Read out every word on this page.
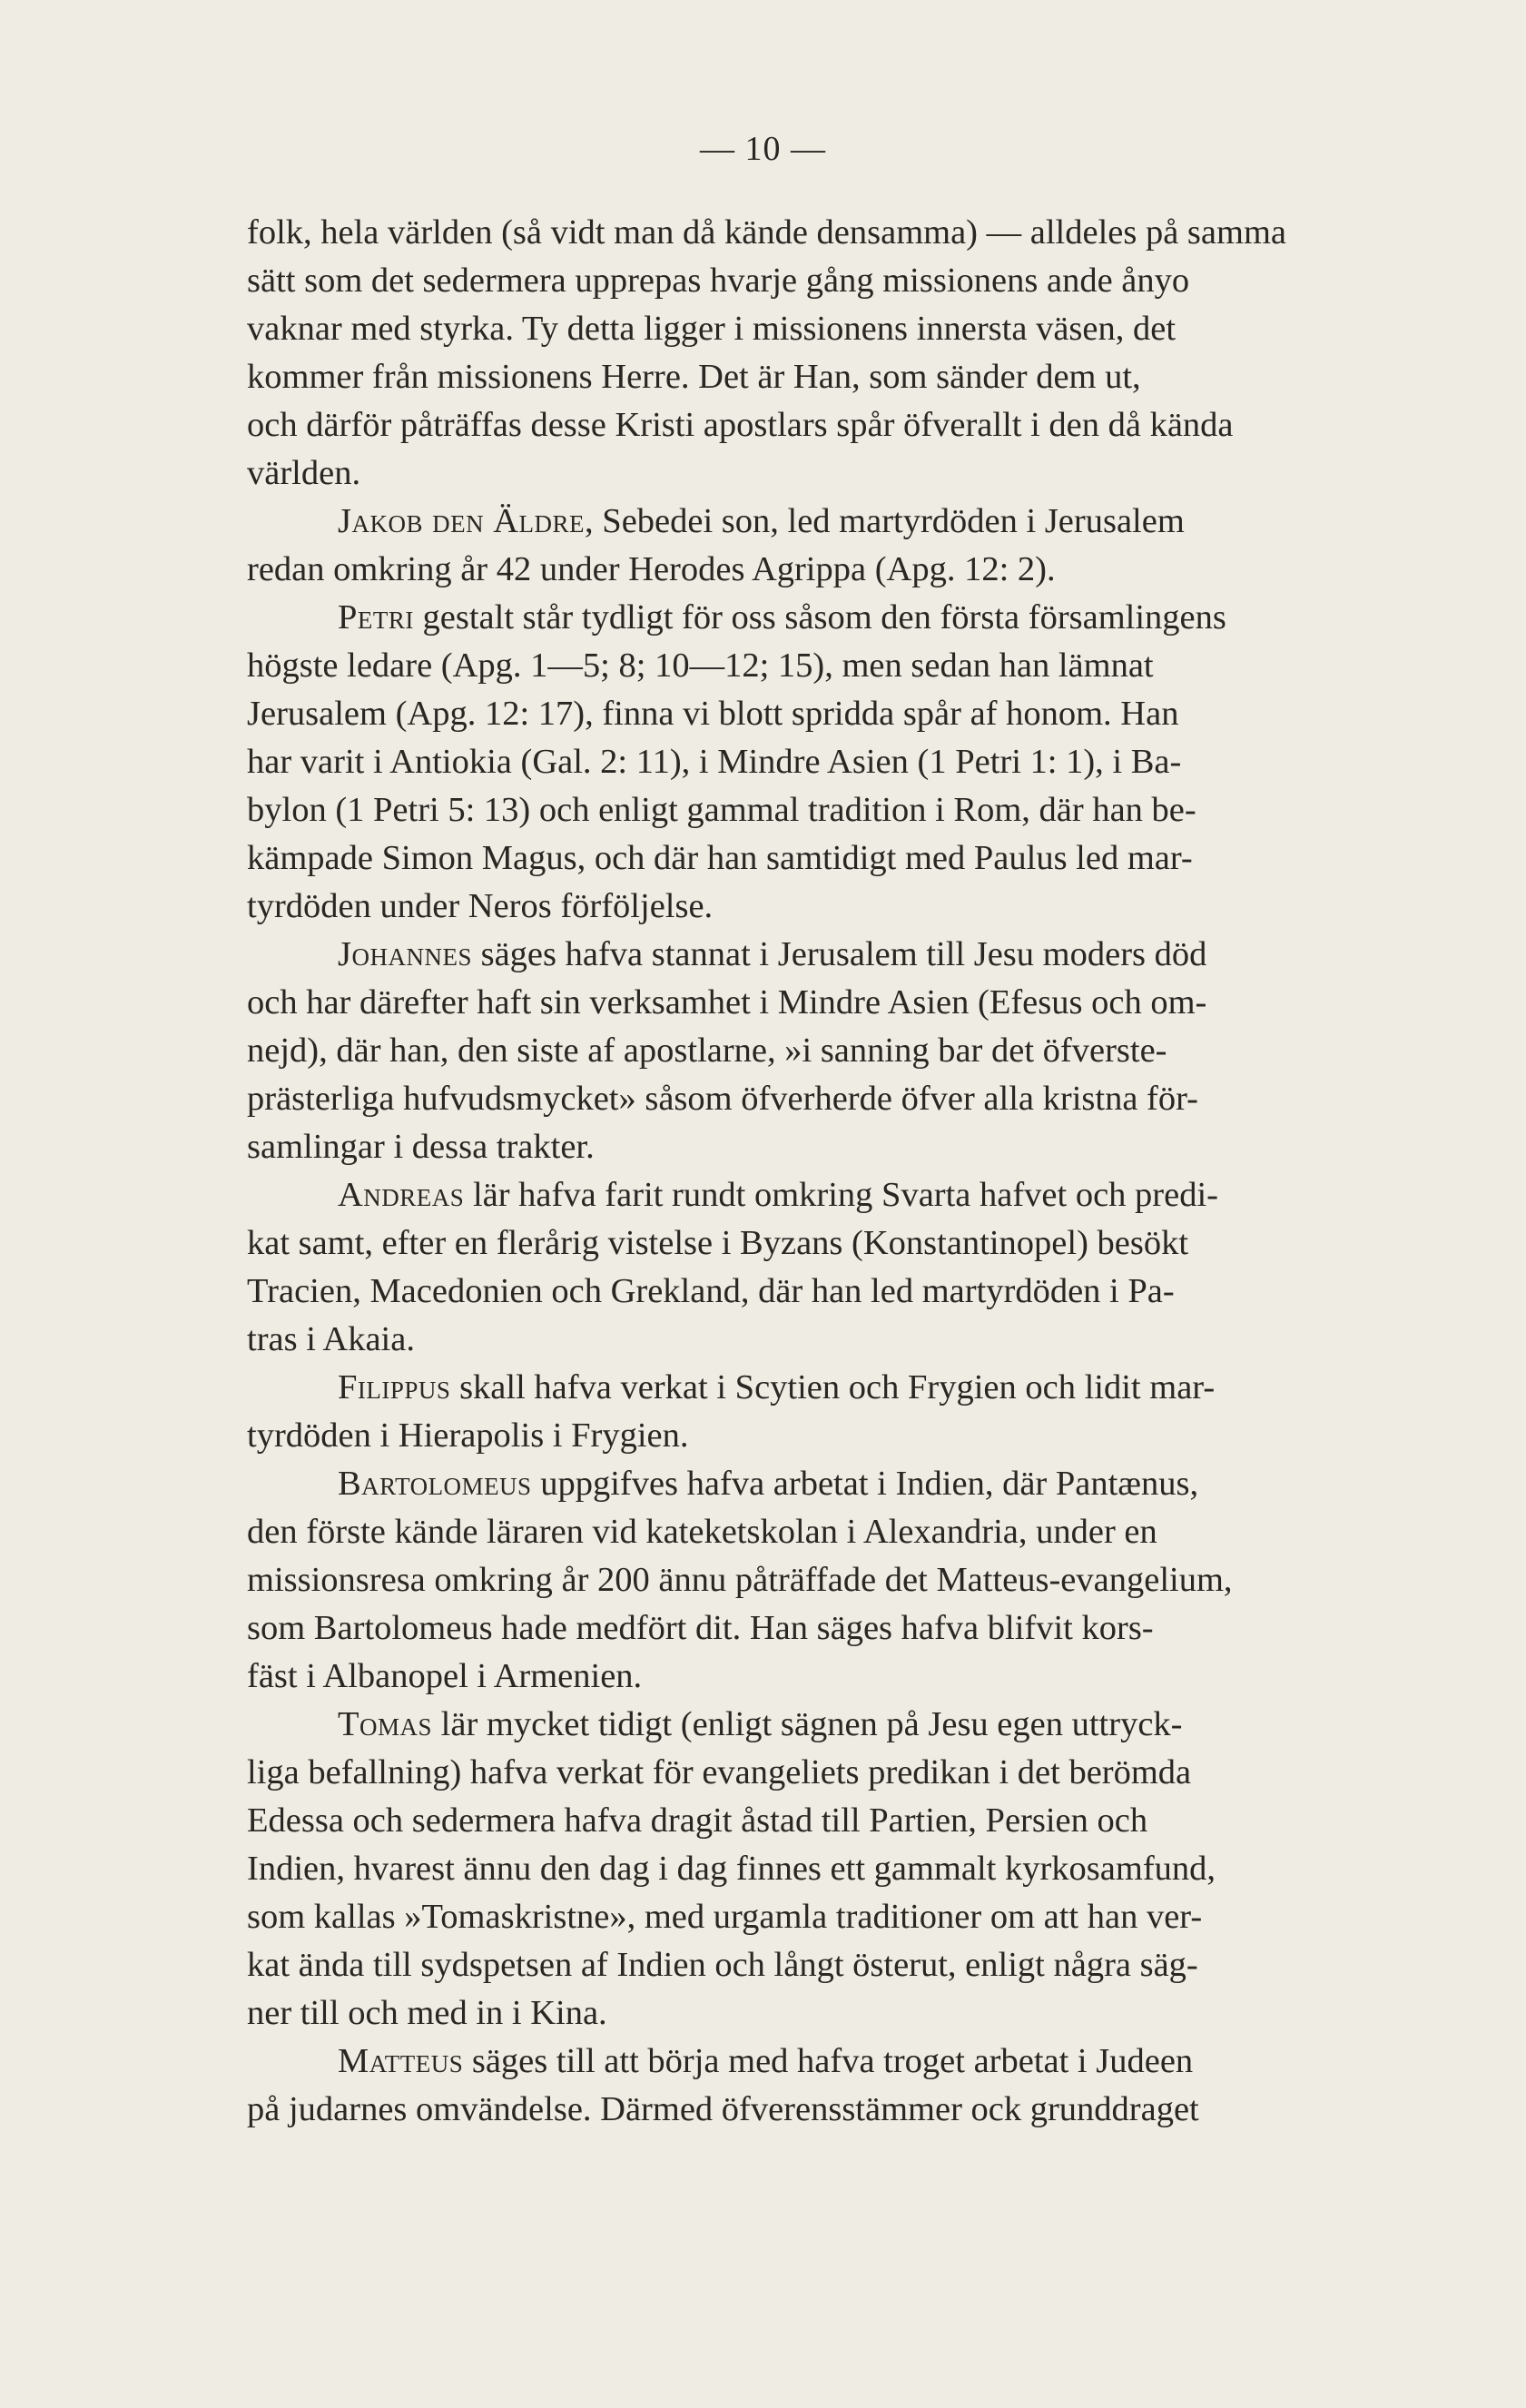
— 10 —
folk, hela världen (så vidt man då kände densamma) — alldeles på samma
sätt som det sedermera upprepas hvarje gång missionens ande ånyo
vaknar med styrka. Ty detta ligger i missionens innersta väsen, det
kommer från missionens Herre. Det är Han, som sänder dem ut,
och därför påträffas desse Kristi apostlars spår öfverallt i den då kända
världen.
Jakob den Äldre, Sebedei son, led martyrdöden i Jerusalem
redan omkring år 42 under Herodes Agrippa (Apg. 12: 2).
Petri gestalt står tydligt för oss såsom den första församlingens
högste ledare (Apg. 1—5; 8; 10—12; 15), men sedan han lämnat
Jerusalem (Apg. 12: 17), finna vi blott spridda spår af honom. Han
har varit i Antiokia (Gal. 2: 11), i Mindre Asien (1 Petri 1: 1), i Ba-
bylon (1 Petri 5: 13) och enligt gammal tradition i Rom, där han be-
kämpade Simon Magus, och där han samtidigt med Paulus led mar-
tyrdöden under Neros förföljelse.
Johannes säges hafva stannat i Jerusalem till Jesu moders död
och har därefter haft sin verksamhet i Mindre Asien (Efesus och om-
nejd), där han, den siste af apostlarne, »i sanning bar det öfverste-
prästerliga hufvudsmycket» såsom öfverherde öfver alla kristna för-
samlingar i dessa trakter.
Andreas lär hafva farit rundt omkring Svarta hafvet och predi-
kat samt, efter en flerårig vistelse i Byzans (Konstantinopel) besökt
Tracien, Macedonien och Grekland, där han led martyrdöden i Pa-
tras i Akaia.
Filippus skall hafva verkat i Scytien och Frygien och lidit mar-
tyrdöden i Hierapolis i Frygien.
Bartolomeus uppgifves hafva arbetat i Indien, där Pantænus,
den förste kände läraren vid kateketskolan i Alexandria, under en
missionsresa omkring år 200 ännu påträffade det Matteus-evangelium,
som Bartolomeus hade medfört dit. Han säges hafva blifvit kors-
fäst i Albanopel i Armenien.
Tomas lär mycket tidigt (enligt sägnen på Jesu egen uttryck-
liga befallning) hafva verkat för evangeliets predikan i det berömda
Edessa och sedermera hafva dragit åstad till Partien, Persien och
Indien, hvarest ännu den dag i dag finnes ett gammalt kyrkosamfund,
som kallas »Tomaskristne», med urgamla traditioner om att han ver-
kat ända till sydspetsen af Indien och långt österut, enligt några säg-
ner till och med in i Kina.
Matteus säges till att börja med hafva troget arbetat i Judeen
på judarnes omvändelse. Därmed öfverensstämmer ock grunddraget
